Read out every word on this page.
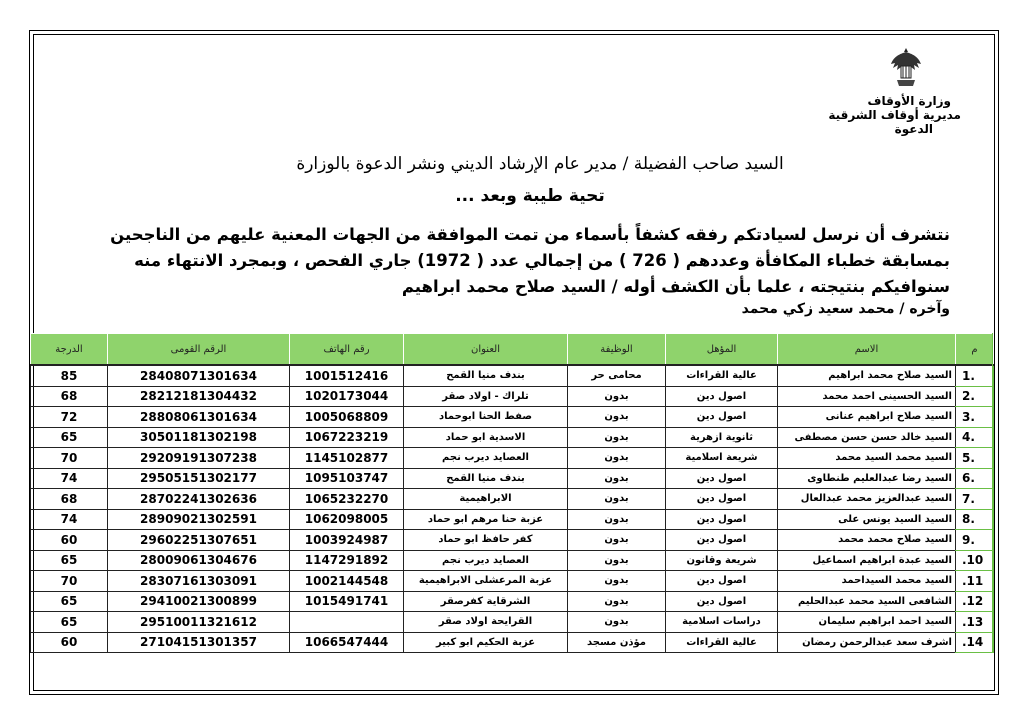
وزارة الأوقاف
مديرية أوقاف الشرقية
الدعوة
السيد صاحب الفضيلة / مدير عام الإرشاد الديني ونشر الدعوة بالوزارة
تحية طيبة وبعد ...
نتشرف أن نرسل لسيادتكم رفقه كشفاً بأسماء من تمت الموافقة من الجهات المعنية عليهم من الناجحين
بمسابقة خطباء المكافأة وعددهم ( 726 ) من إجمالي عدد ( 1972) جاري الفحص ، وبمجرد الانتهاء منه
سنوافيكم بنتيجته ، علما بأن الكشف أوله / السيد صلاح محمد ابراهيم
وآخره / محمد سعيد زكي محمد
م	الاسم	المؤهل	الوظيفة	العنوان	رقم الهاتف	الرقم القومى	الدرجة
1.	السيد صلاح محمد ابراهيم	عالية القراءات	محامى حر	بندف منيا القمح	1001512416	28408071301634	85
2.	السيد الحسينى احمد محمد	اصول دين	بدون	تلراك - اولاد صقر	1020173044	28212181304432	68
3.	السيد صلاح ابراهيم عنانى	اصول دين	بدون	صفط الحنا ابوحماد	1005068809	28808061301634	72
4.	السيد خالد حسن حسن مصطفى	ثانوية ازهرية	بدون	الاسدية ابو حماد	1067223219	30501181302198	65
5.	السيد محمد السيد محمد	شريعة اسلامية	بدون	العصايد ديرب نجم	1145102877	29209191307238	70
6.	السيد رضا عبدالعليم طنطاوى	اصول دين	بدون	بندف منيا القمح	1095103747	29505151302177	74
7.	السيد عبدالعزيز محمد عبدالعال	اصول دين	بدون	الابراهيمية	1065232270	28702241302636	68
8.	السيد السيد يونس على	اصول دين	بدون	عزبة حنا مرهم ابو حماد	1062098005	28909021302591	74
9.	السيد صلاح محمد محمد	اصول دين	بدون	كفر حافظ ابو حماد	1003924987	29602251307651	60
.10	السيد عبدة ابراهيم اسماعيل	شريعة وقانون	بدون	العصايد ديرب نجم	1147291892	28009061304676	65
.11	السيد محمد السيداحمد	اصول دين	بدون	عزبة المرعشلى الابراهيمية	1002144548	28307161303091	70
.12	الشافعى السيد محمد عبدالحليم	اصول دين	بدون	الشرقاية كفرصقر	1015491741	29410021300899	65
.13	السيد احمد ابراهيم سليمان	دراسات اسلامية	بدون	القرايحة اولاد صقر		29510011321612	65
.14	اشرف سعد عبدالرحمن رمضان	عالية القراءات	مؤذن مسجد	عزبة الحكيم ابو كبير	1066547444	27104151301357	60
